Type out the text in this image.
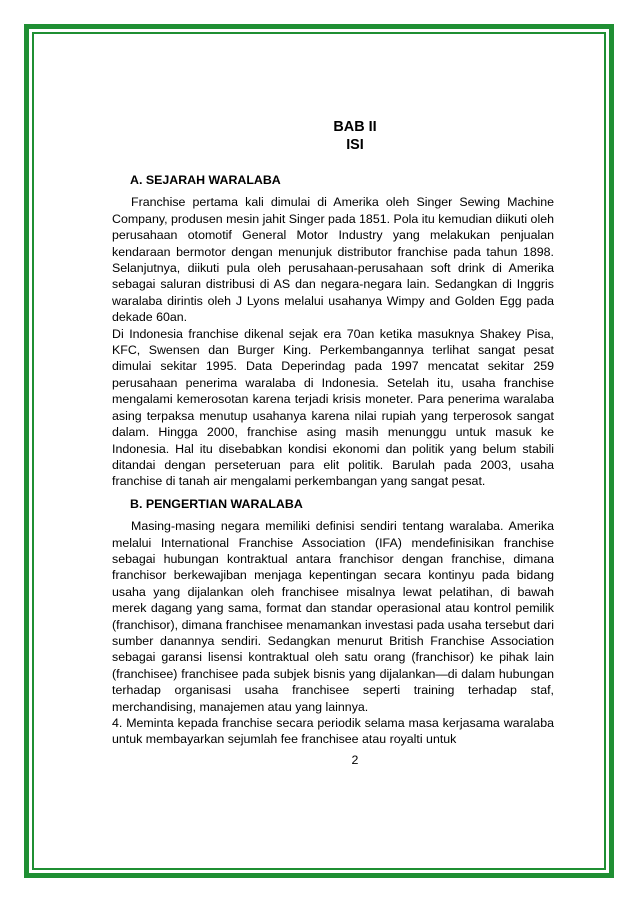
BAB II
ISI
A. SEJARAH WARALABA

Franchise pertama kali dimulai di Amerika oleh Singer Sewing Machine Company, produsen mesin jahit Singer pada 1851. Pola itu kemudian diikuti oleh perusahaan otomotif General Motor Industry yang melakukan penjualan kendaraan bermotor dengan menunjuk distributor franchise pada tahun 1898. Selanjutnya, diikuti pula oleh perusahaan-perusahaan soft drink di Amerika sebagai saluran distribusi di AS dan negara-negara lain. Sedangkan di Inggris waralaba dirintis oleh J Lyons melalui usahanya Wimpy and Golden Egg pada dekade 60an.

Di Indonesia franchise dikenal sejak era 70an ketika masuknya Shakey Pisa, KFC, Swensen dan Burger King. Perkembangannya terlihat sangat pesat dimulai sekitar 1995. Data Deperindag pada 1997 mencatat sekitar 259 perusahaan penerima waralaba di Indonesia. Setelah itu, usaha franchise mengalami kemerosotan karena terjadi krisis moneter. Para penerima waralaba asing terpaksa menutup usahanya karena nilai rupiah yang terperosok sangat dalam. Hingga 2000, franchise asing masih menunggu untuk masuk ke Indonesia. Hal itu disebabkan kondisi ekonomi dan politik yang belum stabili ditandai dengan perseteruan para elit politik. Barulah pada 2003, usaha franchise di tanah air mengalami perkembangan yang sangat pesat.

B. PENGERTIAN WARALABA

Masing-masing negara memiliki definisi sendiri tentang waralaba. Amerika melalui International Franchise Association (IFA) mendefinisikan franchise sebagai hubungan kontraktual antara franchisor dengan franchise, dimana franchisor berkewajiban menjaga kepentingan secara kontinyu pada bidang usaha yang dijalankan oleh franchisee misalnya lewat pelatihan, di bawah merek dagang yang sama, format dan standar operasional atau kontrol pemilik (franchisor), dimana franchisee menamankan investasi pada usaha tersebut dari sumber danannya sendiri. Sedangkan menurut British Franchise Association sebagai garansi lisensi kontraktual oleh satu orang (franchisor) ke pihak lain (franchisee) franchisee pada subjek bisnis yang dijalankan—di dalam hubungan terhadap organisasi usaha franchisee seperti training terhadap staf, merchandising, manajemen atau yang lainnya.

4. Meminta kepada franchise secara periodik selama masa kerjasama waralaba untuk membayarkan sejumlah fee franchisee atau royalti untuk

2
